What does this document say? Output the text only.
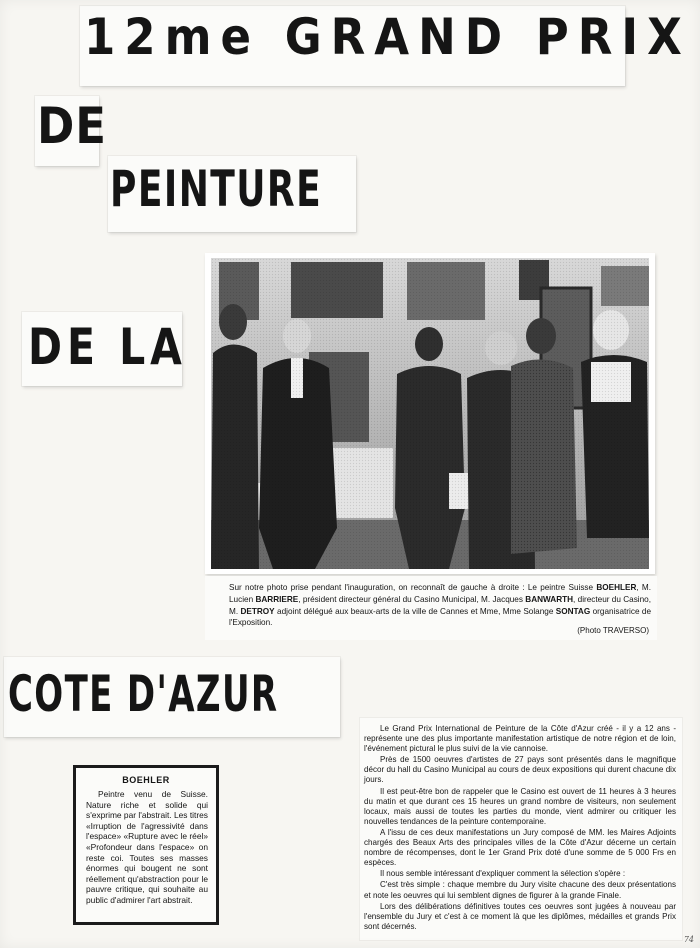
12me GRAND PRIX
DE
PEINTURE
DE LA
COTE D'AZUR

Sur notre photo prise pendant l'inauguration, on reconnaît de gauche à droite : Le peintre Suisse BOEHLER, M. Lucien BARRIERE, président directeur général du Casino Municipal, M. Jacques BANWARTH, directeur du Casino, M. DETROY adjoint délégué aux beaux-arts de la ville de Cannes et Mme, Mme Solange SONTAG organisatrice de l'Exposition.

(Photo TRAVERSO)

Le Grand Prix International de Peinture de la Côte d'Azur créé - il y a 12 ans - représente une des plus importante manifestation artistique de notre région et de loin, l'événement pictural le plus suivi de la vie cannoise.

Près de 1500 oeuvres d'artistes de 27 pays sont présentés dans le magnifique décor du hall du Casino Municipal au cours de deux expositions qui durent chacune dix jours.

Il est peut-être bon de rappeler que le Casino est ouvert de 11 heures à 3 heures du matin et que durant ces 15 heures un grand nombre de visiteurs, non seulement locaux, mais aussi de toutes les parties du monde, vient admirer ou critiquer les nouvelles tendances de la peinture contemporaine.

A l'issu de ces deux manifestations un Jury composé de MM. les Maires Adjoints chargés des Beaux Arts des principales villes de la Côte d'Azur décerne un certain nombre de récompenses, dont le 1er Grand Prix doté d'une somme de 5 000 Frs en espèces.

Il nous semble intéressant d'expliquer comment la sélection s'opère :

C'est très simple : chaque membre du Jury visite chacune des deux présentations et note les oeuvres qui lui semblent dignes de figurer à la grande Finale.

Lors des délibérations définitives toutes ces oeuvres sont jugées à nouveau par l'ensemble du Jury et c'est à ce moment là que les diplômes, médailles et grands Prix sont décernés.

BOEHLER

Peintre venu de Suisse. Nature riche et solide qui s'exprime par l'abstrait. Les titres «Irruption de l'agressivité dans l'espace» «Rupture avec le réel» «Profondeur dans l'espace» on reste coi. Toutes ses masses énormes qui bougent ne sont réellement qu'abstraction pour le pauvre critique, qui souhaite au public d'admirer l'art abstrait.

74
